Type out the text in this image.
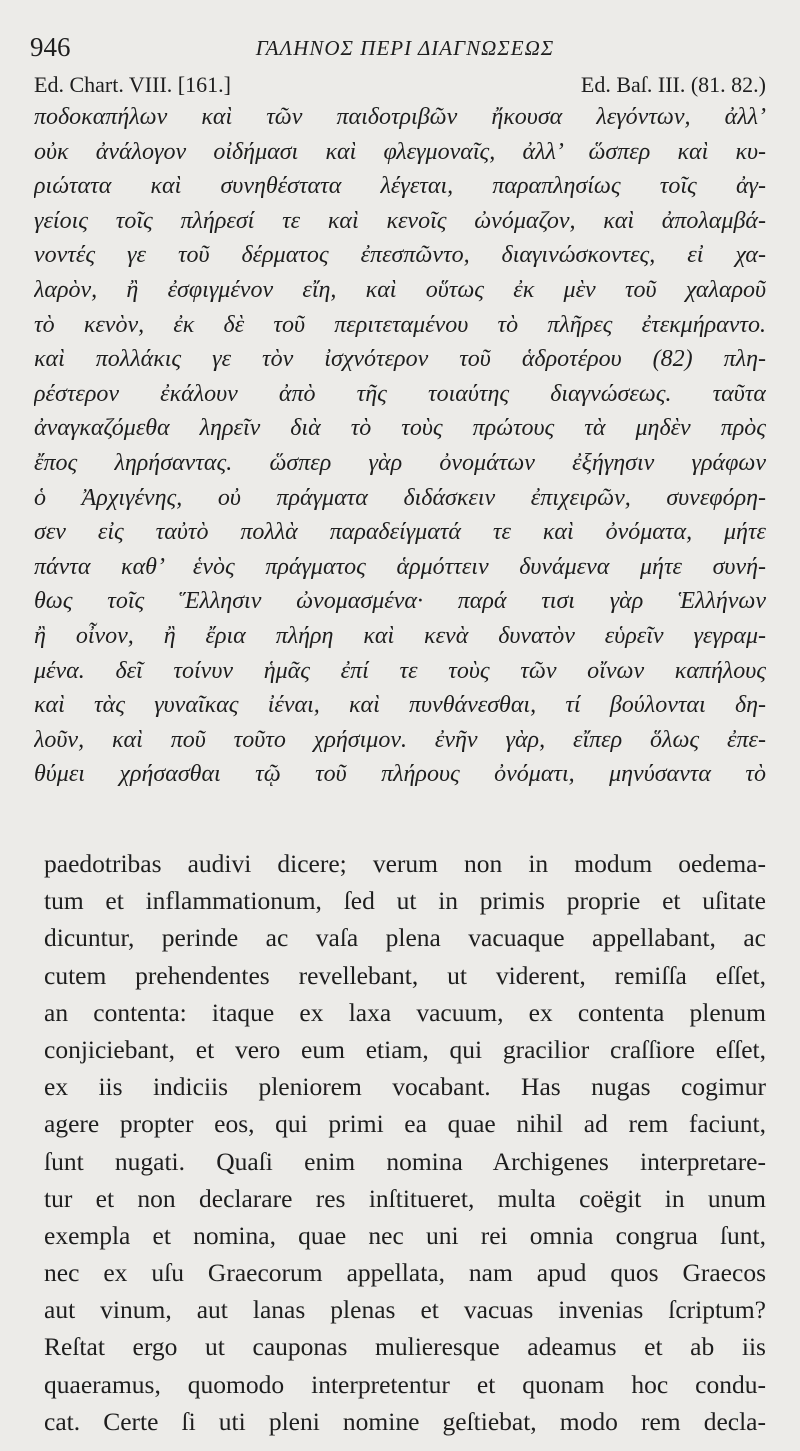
946	ΓΑΛΗΝΟΣ ΠΕΡΙ ΔΙΑΓΝΩΣΕΩΣ
Ed. Chart. VIII. [161.]	Ed. Baſ. III. (81. 82.)
ποδοκαπήλων καὶ τῶν παιδοτριβῶν ἤκουσα λεγόντων, ἀλλ’
οὐκ ἀνάλογον οἰδήμασι καὶ φλεγμοναῖς, ἀλλ’ ὥσπερ καὶ κυ-
ριώτατα καὶ συνηθέστατα λέγεται, παραπλησίως τοῖς ἀγ-
γείοις τοῖς πλήρεσί τε καὶ κενοῖς ὠνόμαζον, καὶ ἀπολαμβά-
νοντές γε τοῦ δέρματος ἐπεσπῶντο, διαγινώσκοντες, εἰ χα-
λαρὸν, ἢ ἐσφιγμένον εἴη, καὶ οὕτως ἐκ μὲν τοῦ χαλαροῦ
τὸ κενὸν, ἐκ δὲ τοῦ περιτεταμένου τὸ πλῆρες ἐτεκμήραντο.
καὶ πολλάκις γε τὸν ἰσχνότερον τοῦ ἁδροτέρου (82) πλη-
ρέστερον ἐκάλουν ἀπὸ τῆς τοιαύτης διαγνώσεως. ταῦτα
ἀναγκαζόμεθα ληρεῖν διὰ τὸ τοὺς πρώτους τὰ μηδὲν πρὸς
ἔπος ληρήσαντας. ὥσπερ γὰρ ὀνομάτων ἐξήγησιν γράφων
ὁ Ἀρχιγένης, οὐ πράγματα διδάσκειν ἐπιχειρῶν, συνεφόρη-
σεν εἰς ταὐτὸ πολλὰ παραδείγματά τε καὶ ὀνόματα, μήτε
πάντα καθ’ ἑνὸς πράγματος ἁρμόττειν δυνάμενα μήτε συνή-
θως τοῖς Ἕλλησιν ὠνομασμένα· παρά τισι γὰρ Ἑλλήνων
ἢ οἶνον, ἢ ἔρια πλήρη καὶ κενὰ δυνατὸν εὑρεῖν γεγραμ-
μένα. δεῖ τοίνυν ἡμᾶς ἐπί τε τοὺς τῶν οἴνων καπήλους
καὶ τὰς γυναῖκας ἰέναι, καὶ πυνθάνεσθαι, τί βούλονται δη-
λοῦν, καὶ ποῦ τοῦτο χρήσιμον. ἐνῆν γὰρ, εἴπερ ὅλως ἐπε-
θύμει χρήσασθαι τῷ τοῦ πλήρους ὀνόματι, μηνύσαντα τὸ
paedotribas audivi dicere; verum non in modum oedema-
tum et inflammationum, ſed ut in primis proprie et uſitate
dicuntur, perinde ac vaſa plena vacuaque appellabant, ac
cutem prehendentes revellebant, ut viderent, remiſſa eſſet,
an contenta: itaque ex laxa vacuum, ex contenta plenum
conjiciebant, et vero eum etiam, qui gracilior craſſiore eſſet,
ex iis indiciis pleniorem vocabant. Has nugas cogimur
agere propter eos, qui primi ea quae nihil ad rem faciunt,
ſunt nugati. Quaſi enim nomina Archigenes interpretare-
tur et non declarare res inſtitueret, multa coëgit in unum
exempla et nomina, quae nec uni rei omnia congrua ſunt,
nec ex uſu Graecorum appellata, nam apud quos Graecos
aut vinum, aut lanas plenas et vacuas invenias ſcriptum?
Reſtat ergo ut cauponas mulieresque adeamus et ab iis
quaeramus, quomodo interpretentur et quonam hoc condu-
cat. Certe ſi uti pleni nomine geſtiebat, modo rem decla-
